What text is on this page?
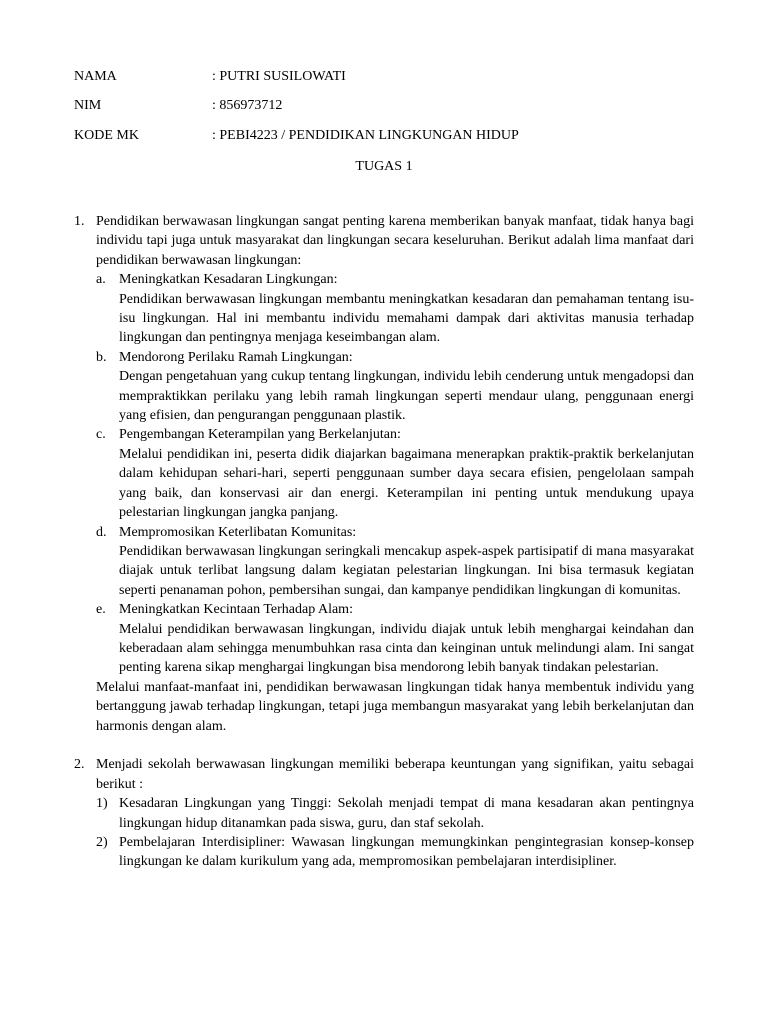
NAMA	: PUTRI SUSILOWATI
NIM	: 856973712
KODE MK	: PEBI4223 / PENDIDIKAN LINGKUNGAN HIDUP
TUGAS 1
1. Pendidikan berwawasan lingkungan sangat penting karena memberikan banyak manfaat, tidak hanya bagi individu tapi juga untuk masyarakat dan lingkungan secara keseluruhan. Berikut adalah lima manfaat dari pendidikan berwawasan lingkungan:

a. Meningkatkan Kesadaran Lingkungan:

Pendidikan berwawasan lingkungan membantu meningkatkan kesadaran dan pemahaman tentang isu-isu lingkungan. Hal ini membantu individu memahami dampak dari aktivitas manusia terhadap lingkungan dan pentingnya menjaga keseimbangan alam.

b. Mendorong Perilaku Ramah Lingkungan:

Dengan pengetahuan yang cukup tentang lingkungan, individu lebih cenderung untuk mengadopsi dan mempraktikkan perilaku yang lebih ramah lingkungan seperti mendaur ulang, penggunaan energi yang efisien, dan pengurangan penggunaan plastik.

c. Pengembangan Keterampilan yang Berkelanjutan:

Melalui pendidikan ini, peserta didik diajarkan bagaimana menerapkan praktik-praktik berkelanjutan dalam kehidupan sehari-hari, seperti penggunaan sumber daya secara efisien, pengelolaan sampah yang baik, dan konservasi air dan energi. Keterampilan ini penting untuk mendukung upaya pelestarian lingkungan jangka panjang.

d. Mempromosikan Keterlibatan Komunitas:

Pendidikan berwawasan lingkungan seringkali mencakup aspek-aspek partisipatif di mana masyarakat diajak untuk terlibat langsung dalam kegiatan pelestarian lingkungan. Ini bisa termasuk kegiatan seperti penanaman pohon, pembersihan sungai, dan kampanye pendidikan lingkungan di komunitas.

e. Meningkatkan Kecintaan Terhadap Alam:

Melalui pendidikan berwawasan lingkungan, individu diajak untuk lebih menghargai keindahan dan keberadaan alam sehingga menumbuhkan rasa cinta dan keinginan untuk melindungi alam. Ini sangat penting karena sikap menghargai lingkungan bisa mendorong lebih banyak tindakan pelestarian.

Melalui manfaat-manfaat ini, pendidikan berwawasan lingkungan tidak hanya membentuk individu yang bertanggung jawab terhadap lingkungan, tetapi juga membangun masyarakat yang lebih berkelanjutan dan harmonis dengan alam.

2. Menjadi sekolah berwawasan lingkungan memiliki beberapa keuntungan yang signifikan, yaitu sebagai berikut :

1) Kesadaran Lingkungan yang Tinggi: Sekolah menjadi tempat di mana kesadaran akan pentingnya lingkungan hidup ditanamkan pada siswa, guru, dan staf sekolah.

2) Pembelajaran Interdisipliner: Wawasan lingkungan memungkinkan pengintegrasian konsep-konsep lingkungan ke dalam kurikulum yang ada, mempromosikan pembelajaran interdisipliner.
